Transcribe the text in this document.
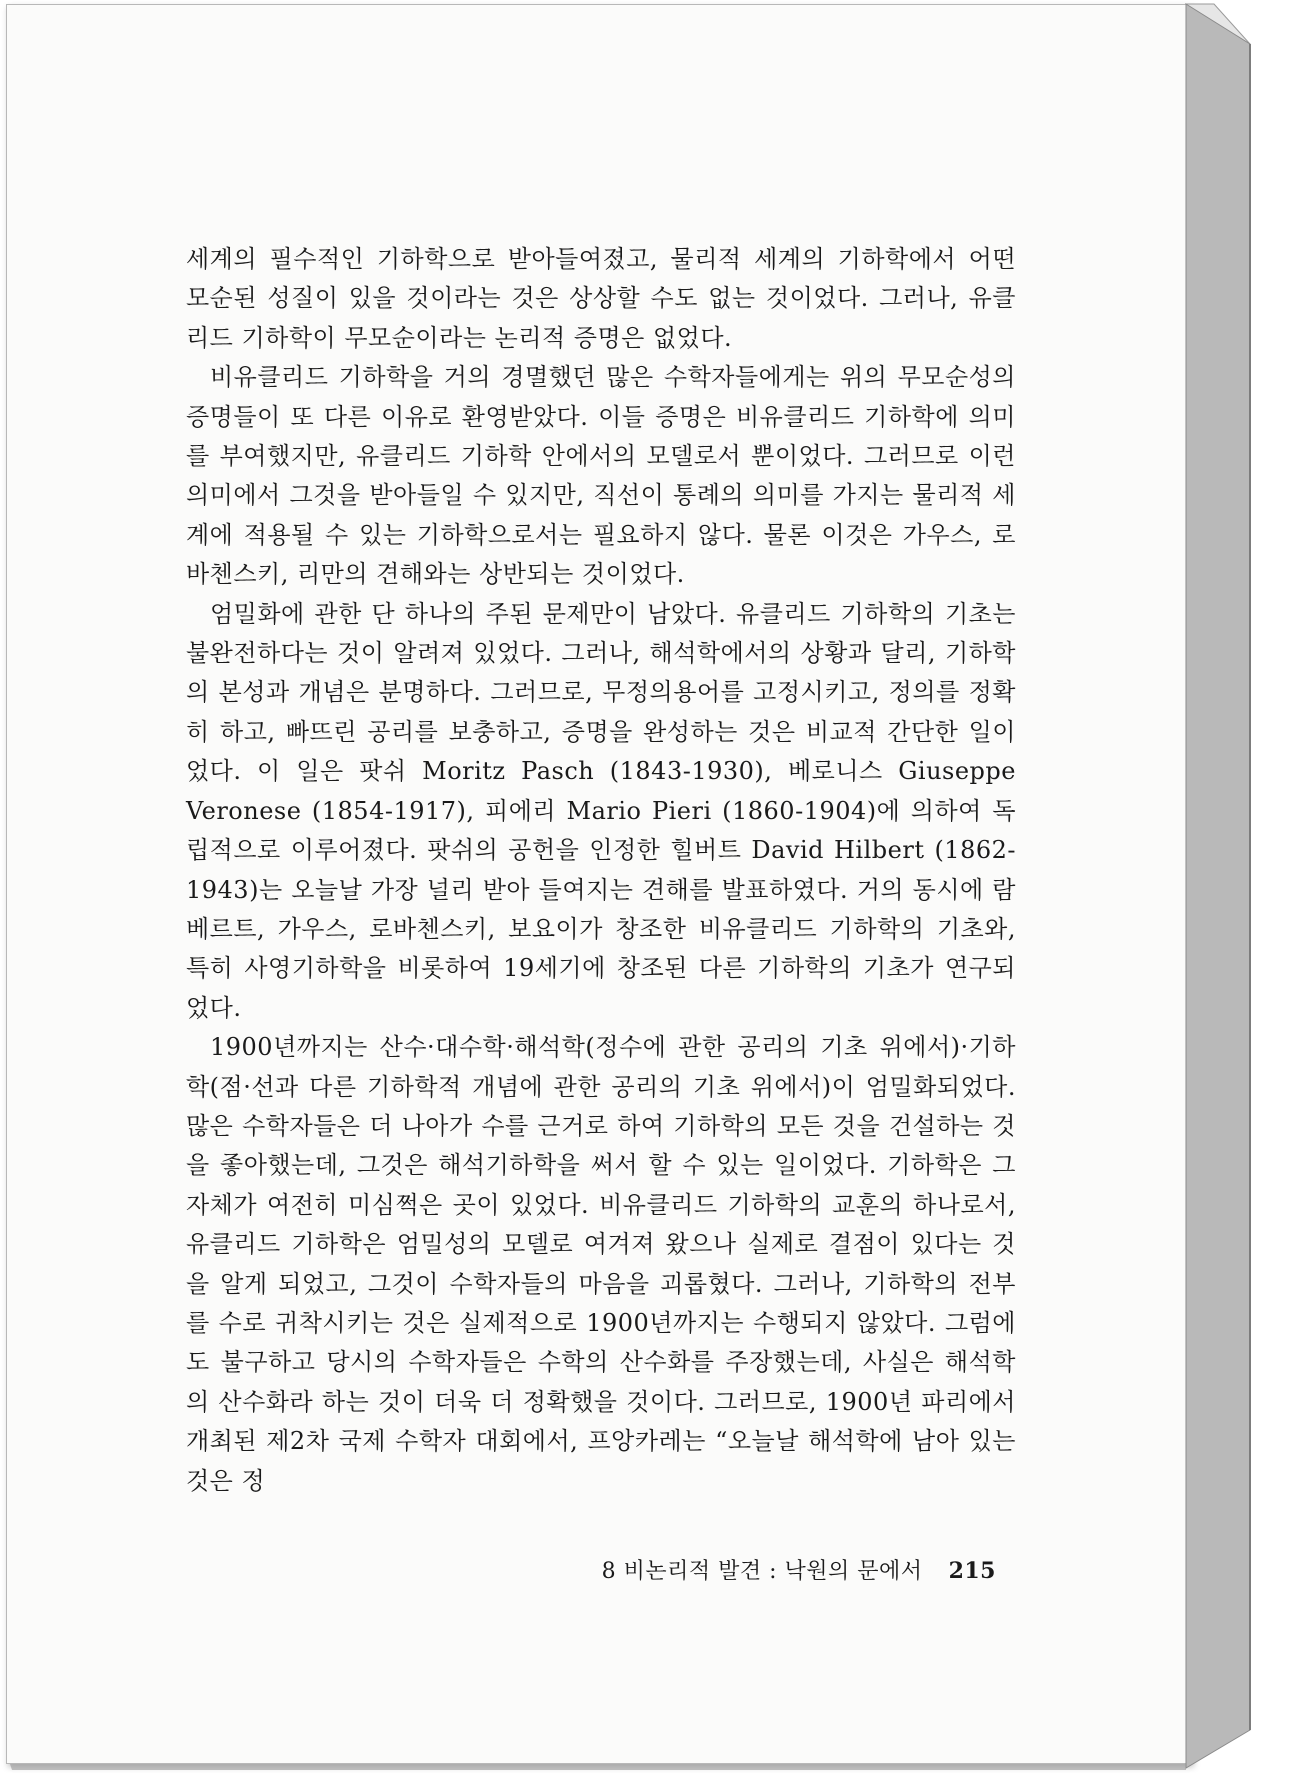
세계의 필수적인 기하학으로 받아들여졌고, 물리적 세계의 기하학에서 어떤 모순된 성질이 있을 것이라는 것은 상상할 수도 없는 것이었다. 그러나, 유클리드 기하학이 무모순이라는 논리적 증명은 없었다.

비유클리드 기하학을 거의 경멸했던 많은 수학자들에게는 위의 무모순성의 증명들이 또 다른 이유로 환영받았다. 이들 증명은 비유클리드 기하학에 의미를 부여했지만, 유클리드 기하학 안에서의 모델로서 뿐이었다. 그러므로 이런 의미에서 그것을 받아들일 수 있지만, 직선이 통례의 의미를 가지는 물리적 세계에 적용될 수 있는 기하학으로서는 필요하지 않다. 물론 이것은 가우스, 로바첸스키, 리만의 견해와는 상반되는 것이었다.

엄밀화에 관한 단 하나의 주된 문제만이 남았다. 유클리드 기하학의 기초는 불완전하다는 것이 알려져 있었다. 그러나, 해석학에서의 상황과 달리, 기하학의 본성과 개념은 분명하다. 그러므로, 무정의용어를 고정시키고, 정의를 정확히 하고, 빠뜨린 공리를 보충하고, 증명을 완성하는 것은 비교적 간단한 일이었다. 이 일은 팟쉬 Moritz Pasch (1843-1930), 베로니스 Giuseppe Veronese (1854-1917), 피에리 Mario Pieri (1860-1904)에 의하여 독립적으로 이루어졌다. 팟쉬의 공헌을 인정한 힐버트 David Hilbert (1862-1943)는 오늘날 가장 널리 받아 들여지는 견해를 발표하였다. 거의 동시에 람베르트, 가우스, 로바첸스키, 보요이가 창조한 비유클리드 기하학의 기초와, 특히 사영기하학을 비롯하여 19세기에 창조된 다른 기하학의 기초가 연구되었다.

1900년까지는 산수·대수학·해석학(정수에 관한 공리의 기초 위에서)·기하학(점·선과 다른 기하학적 개념에 관한 공리의 기초 위에서)이 엄밀화되었다. 많은 수학자들은 더 나아가 수를 근거로 하여 기하학의 모든 것을 건설하는 것을 좋아했는데, 그것은 해석기하학을 써서 할 수 있는 일이었다. 기하학은 그 자체가 여전히 미심쩍은 곳이 있었다. 비유클리드 기하학의 교훈의 하나로서, 유클리드 기하학은 엄밀성의 모델로 여겨져 왔으나 실제로 결점이 있다는 것을 알게 되었고, 그것이 수학자들의 마음을 괴롭혔다. 그러나, 기하학의 전부를 수로 귀착시키는 것은 실제적으로 1900년까지는 수행되지 않았다. 그럼에도 불구하고 당시의 수학자들은 수학의 산수화를 주장했는데, 사실은 해석학의 산수화라 하는 것이 더욱 더 정확했을 것이다. 그러므로, 1900년 파리에서 개최된 제2차 국제 수학자 대회에서, 프앙카레는 “오늘날 해석학에 남아 있는 것은 정

8 비논리적 발견 : 낙원의 문에서 215
